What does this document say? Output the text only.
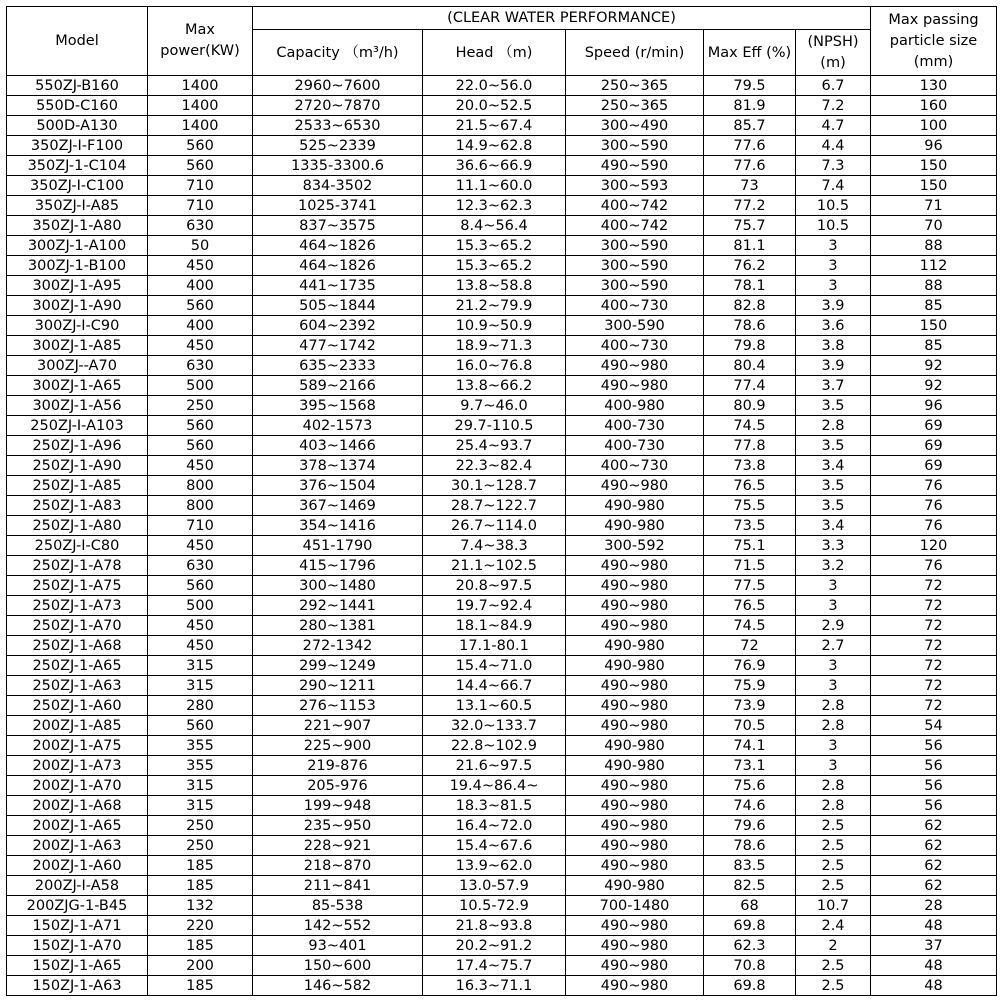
Model	Max power(KW)	(CLEAR WATER PERFORMANCE)					Max passing particle size (mm)
		Capacity （m³/h)	Head （m)	Speed (r/min)	Max Eff (%)	(NPSH) (m)	
550ZJ-B160	1400	2960~7600	22.0~56.0	250~365	79.5	6.7	130
550D-C160	1400	2720~7870	20.0~52.5	250~365	81.9	7.2	160
500D-A130	1400	2533~6530	21.5~67.4	300~490	85.7	4.7	100
350ZJ-I-F100	560	525~2339	14.9~62.8	300~590	77.6	4.4	96
350ZJ-1-C104	560	1335-3300.6	36.6~66.9	490~590	77.6	7.3	150
350ZJ-I-C100	710	834-3502	11.1~60.0	300~593	73	7.4	150
350ZJ-I-A85	710	1025-3741	12.3~62.3	400~742	77.2	10.5	71
350ZJ-1-A80	630	837~3575	8.4~56.4	400~742	75.7	10.5	70
300ZJ-1-A100	50	464~1826	15.3~65.2	300~590	81.1	3	88
300ZJ-1-B100	450	464~1826	15.3~65.2	300~590	76.2	3	112
300ZJ-1-A95	400	441~1735	13.8~58.8	300~590	78.1	3	88
300ZJ-1-A90	560	505~1844	21.2~79.9	400~730	82.8	3.9	85
300ZJ-I-C90	400	604~2392	10.9~50.9	300-590	78.6	3.6	150
300ZJ-1-A85	450	477~1742	18.9~71.3	400~730	79.8	3.8	85
300ZJ--A70	630	635~2333	16.0~76.8	490~980	80.4	3.9	92
300ZJ-1-A65	500	589~2166	13.8~66.2	490~980	77.4	3.7	92
300ZJ-1-A56	250	395~1568	9.7~46.0	400-980	80.9	3.5	96
250ZJ-I-A103	560	402-1573	29.7-110.5	400-730	74.5	2.8	69
250ZJ-1-A96	560	403~1466	25.4~93.7	400-730	77.8	3.5	69
250ZJ-1-A90	450	378~1374	22.3~82.4	400~730	73.8	3.4	69
250ZJ-1-A85	800	376~1504	30.1~128.7	490~980	76.5	3.5	76
250ZJ-1-A83	800	367~1469	28.7~122.7	490-980	75.5	3.5	76
250ZJ-1-A80	710	354~1416	26.7~114.0	490-980	73.5	3.4	76
250ZJ-I-C80	450	451-1790	7.4~38.3	300-592	75.1	3.3	120
250ZJ-1-A78	630	415~1796	21.1~102.5	490~980	71.5	3.2	76
250ZJ-1-A75	560	300~1480	20.8~97.5	490~980	77.5	3	72
250ZJ-1-A73	500	292~1441	19.7~92.4	490~980	76.5	3	72
250ZJ-1-A70	450	280~1381	18.1~84.9	490~980	74.5	2.9	72
250ZJ-1-A68	450	272-1342	17.1-80.1	490-980	72	2.7	72
250ZJ-1-A65	315	299~1249	15.4~71.0	490-980	76.9	3	72
250ZJ-1-A63	315	290~1211	14.4~66.7	490~980	75.9	3	72
250ZJ-1-A60	280	276~1153	13.1~60.5	490~980	73.9	2.8	72
200ZJ-1-A85	560	221~907	32.0~133.7	490~980	70.5	2.8	54
200ZJ-1-A75	355	225~900	22.8~102.9	490-980	74.1	3	56
200ZJ-1-A73	355	219-876	21.6~97.5	490-980	73.1	3	56
200ZJ-1-A70	315	205-976	19.4~86.4~	490~980	75.6	2.8	56
200ZJ-1-A68	315	199~948	18.3~81.5	490~980	74.6	2.8	56
200ZJ-1-A65	250	235~950	16.4~72.0	490~980	79.6	2.5	62
200ZJ-1-A63	250	228~921	15.4~67.6	490~980	78.6	2.5	62
200ZJ-1-A60	185	218~870	13.9~62.0	490~980	83.5	2.5	62
200ZJ-I-A58	185	211~841	13.0-57.9	490-980	82.5	2.5	62
200ZJG-1-B45	132	85-538	10.5-72.9	700-1480	68	10.7	28
150ZJ-1-A71	220	142~552	21.8~93.8	490~980	69.8	2.4	48
150ZJ-1-A70	185	93~401	20.2~91.2	490~980	62.3	2	37
150ZJ-1-A65	200	150~600	17.4~75.7	490~980	70.8	2.5	48
150ZJ-1-A63	185	146~582	16.3~71.1	490~980	69.8	2.5	48
